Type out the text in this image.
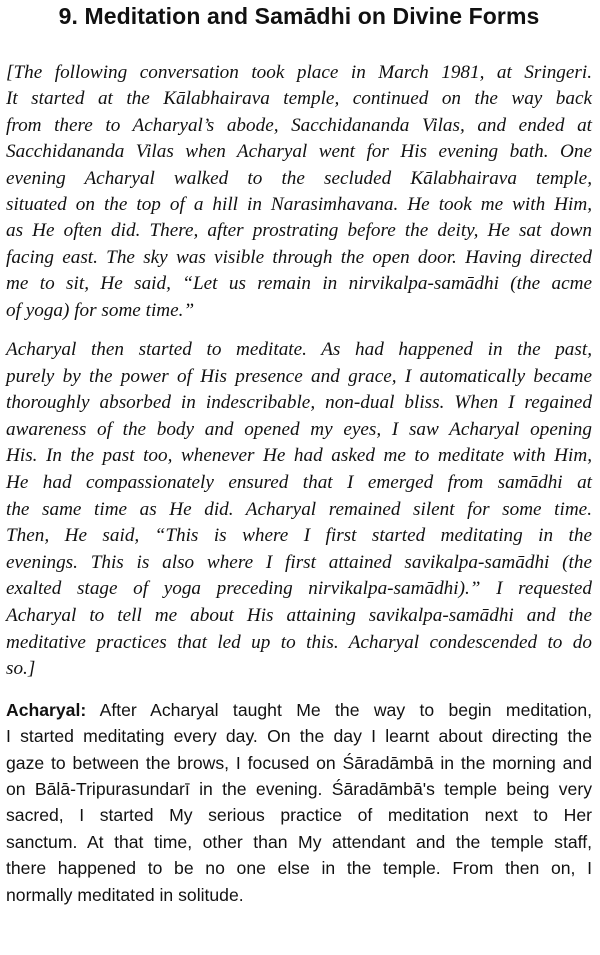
9. Meditation and Samādhi on Divine Forms

[The following conversation took place in March 1981, at Sringeri.
It started at the Kālabhairava temple, continued on the way back
from there to Acharyal’s abode, Sacchidananda Vilas, and ended at
Sacchidananda Vilas when Acharyal went for His evening bath. One
evening Acharyal walked to the secluded Kālabhairava temple,
situated on the top of a hill in Narasimhavana. He took me with Him,
as He often did. There, after prostrating before the deity, He sat down
facing east. The sky was visible through the open door. Having directed
me to sit, He said, “Let us remain in nirvikalpa-samādhi (the acme
of yoga) for some time.”

Acharyal then started to meditate. As had happened in the past,
purely by the power of His presence and grace, I automatically became
thoroughly absorbed in indescribable, non-dual bliss. When I regained
awareness of the body and opened my eyes, I saw Acharyal opening
His. In the past too, whenever He had asked me to meditate with Him,
He had compassionately ensured that I emerged from samādhi at
the same time as He did. Acharyal remained silent for some time.
Then, He said, “This is where I first started meditating in the
evenings. This is also where I first attained savikalpa-samādhi (the
exalted stage of yoga preceding nirvikalpa-samādhi).” I requested
Acharyal to tell me about His attaining savikalpa-samādhi and the
meditative practices that led up to this. Acharyal condescended to do
so.]

Acharyal: After Acharyal taught Me the way to begin meditation,
I started meditating every day. On the day I learnt about directing the
gaze to between the brows, I focused on Śāradāmbā in the morning and
on Bālā-Tripurasundarī in the evening. Śāradāmbā's temple being very
sacred, I started My serious practice of meditation next to Her
sanctum. At that time, other than My attendant and the temple staff,
there happened to be no one else in the temple. From then on, I
normally meditated in solitude.
